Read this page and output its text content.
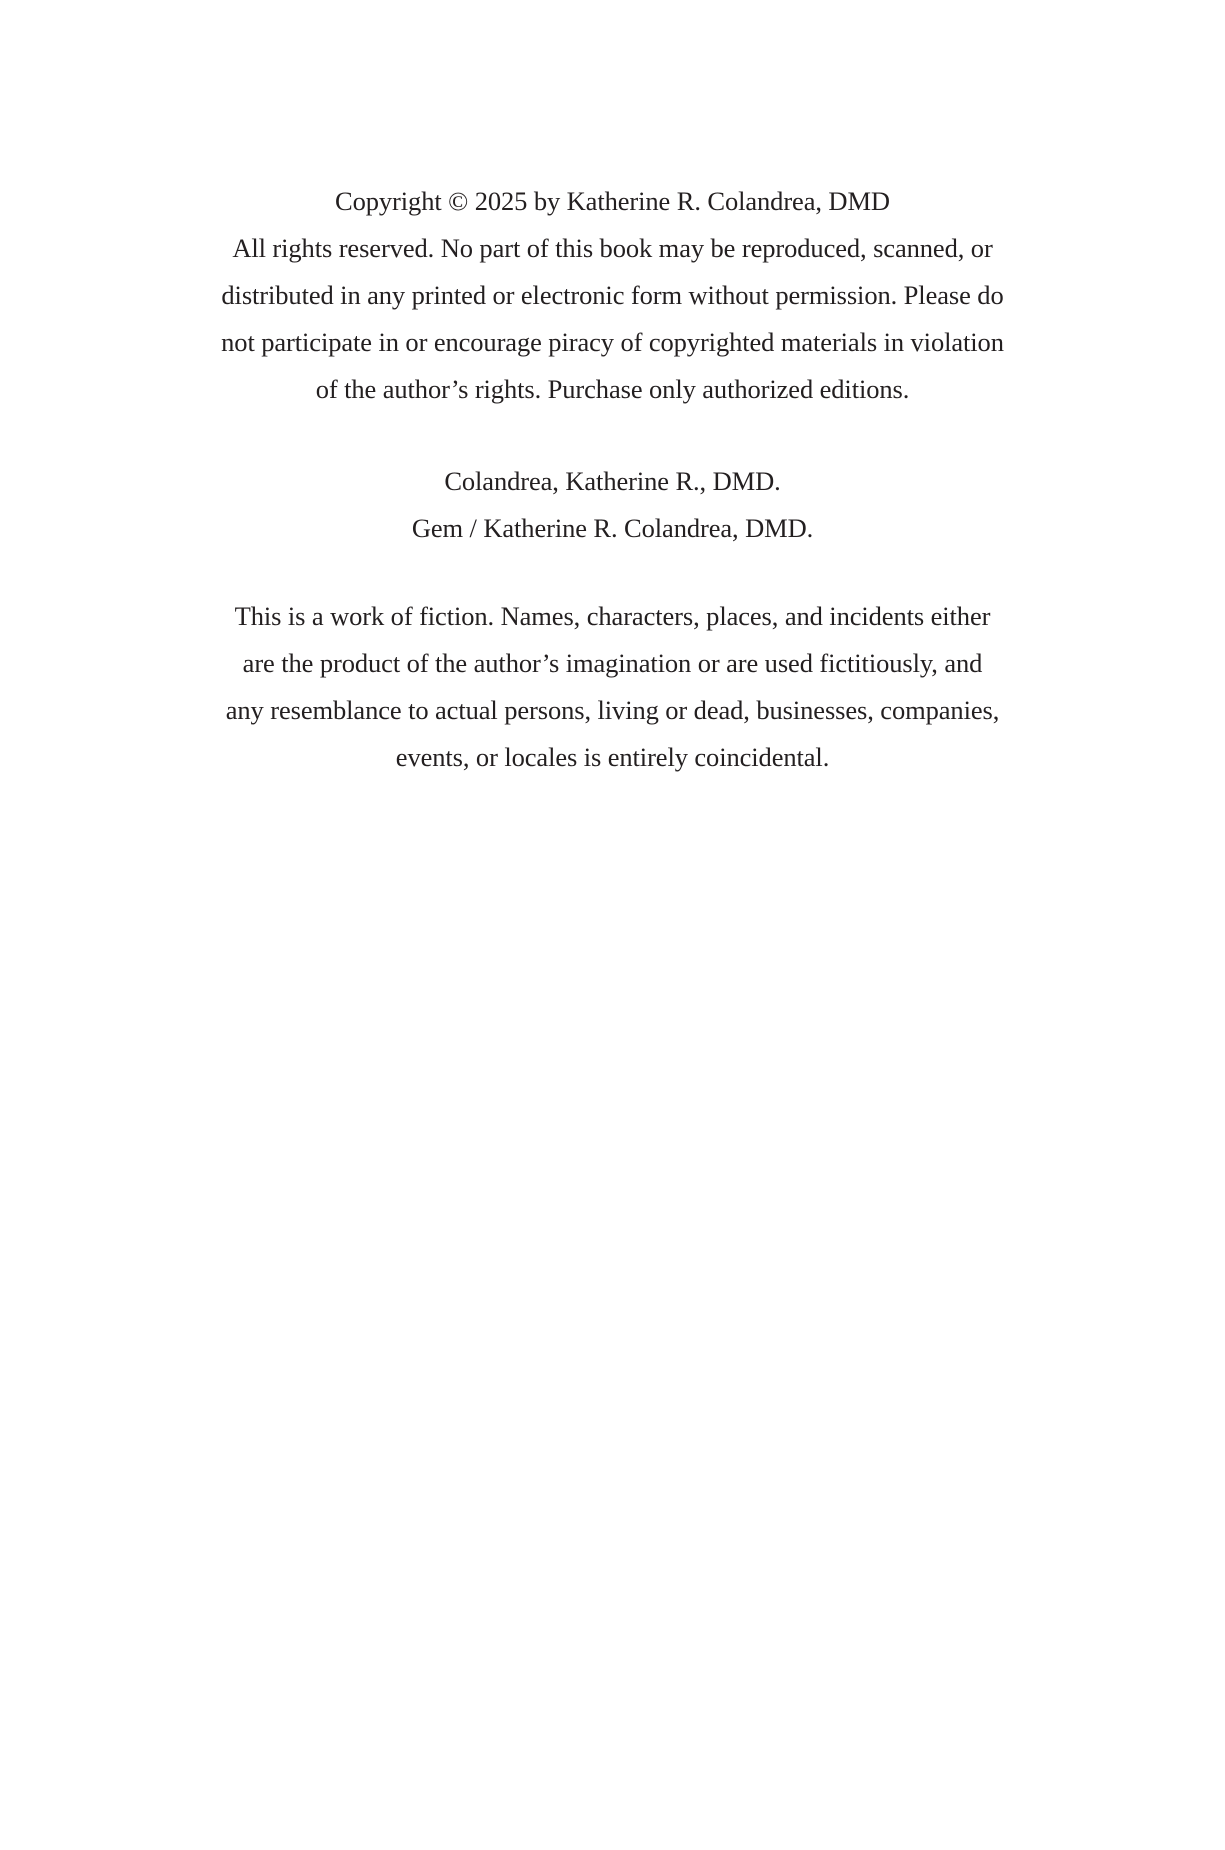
Copyright © 2025 by Katherine R. Colandrea, DMD
All rights reserved. No part of this book may be reproduced, scanned, or
distributed in any printed or electronic form without permission. Please do
not participate in or encourage piracy of copyrighted materials in violation
of the author’s rights. Purchase only authorized editions.
Colandrea, Katherine R., DMD.
Gem / Katherine R. Colandrea, DMD.
This is a work of fiction. Names, characters, places, and incidents either
are the product of the author’s imagination or are used fictitiously, and
any resemblance to actual persons, living or dead, businesses, companies,
events, or locales is entirely coincidental.
